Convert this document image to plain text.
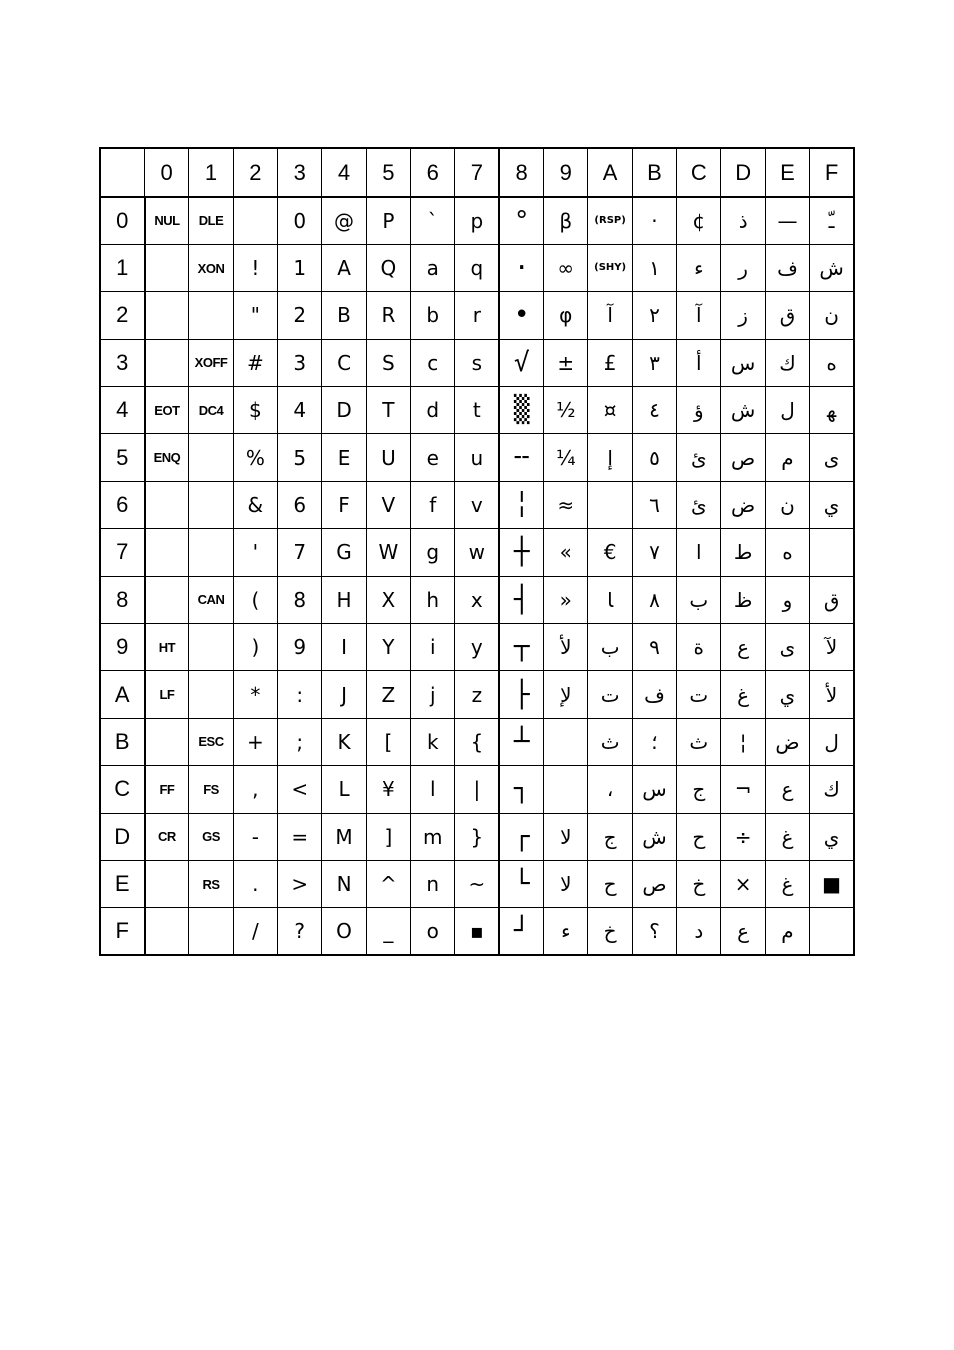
	0	1	2	3	4	5	6	7	8	9	A	B	C	D	E	F
0	NUL	DLE		0	@	P	`	p	°	β	(RSP)	·	¢	ذ	—	ـّ
1		XON	!	1	A	Q	a	q	·	∞	(SHY)	١	ء	ر	ف	ش
2			"	2	B	R	b	r	•	φ	آ	٢	آ	ز	ق	ن
3		XOFF	#	3	C	S	c	s	√	±	£	٣	أ	س	ك	ه
4	EOT	DC4	$	4	D	T	d	t	▒	½	¤	٤	ؤ	ش	ل	ﻬ
5	ENQ		%	5	E	U	e	u	╌	¼	إ	٥	ئ	ص	م	ى
6			&	6	F	V	f	v	╎	≈		٦	ئ	ض	ن	ي
7			'	7	G	W	g	w	┼	«	€	٧	ا	ط	ه	
8		CAN	(	8	H	X	h	x	┤	»	ﺎ	٨	ب	ظ	و	ق
9	HT		)	9	I	Y	i	y	┬	ﻷ	ب	٩	ة	ع	ى	ﻵ
A	LF		*	:	J	Z	j	z	├	ﻹ	ت	ف	ت	غ	ي	ﻷ
B		ESC	+	;	K	[	k	{	┴		ث	؛	ث	¦	ض	ل
C	FF	FS	,	<	L	¥	l	|	┐		،	س	ج	¬	ع	ك
D	CR	GS	-	=	M	]	m	}	┌	ﻻ	ج	ش	ح	÷	غ	ي
E		RS	.	>	N	^	n	~	└	ﻻ	ح	ص	خ	×	غ	■
F			/	?	O	_	o	▪	┘	ء	خ	؟	د	ع	م	
